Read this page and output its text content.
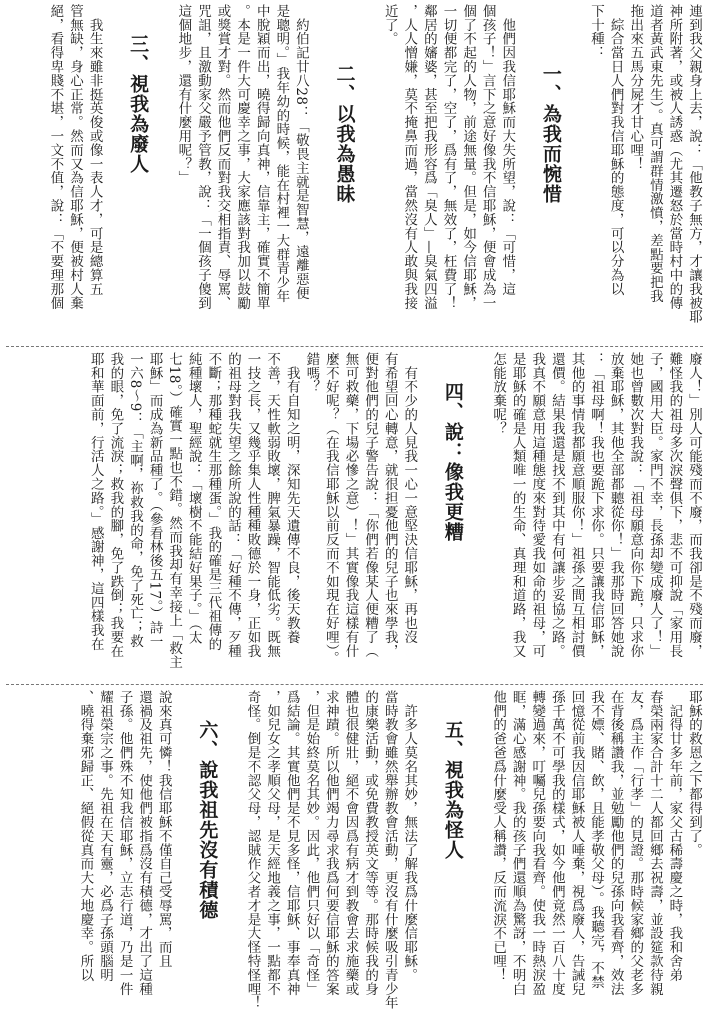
連到我父親身上去，說：「他教子無方，才讓我被耶
神所附著，或被人誘惑（尤其遷怒於當時村中的傳
道者黃武東先生）。真可謂群情激憤，差點要把我
拖出來五馬分屍才甘心哩！
　綜合當日人們對我信耶穌的態度，可以分為以
下十種：
一、為我而惋惜
　他們因我信耶穌而大失所望，說：「可惜，這
個孩子！」言下之意好像我不信耶穌，便會成為一
個了不起的人物，前途無量。但是，如今信耶穌，
一切便都完了，空了，爲有了，無效了，枉費了！
鄰居的嬸婆，甚至把我形容爲「臭人」—臭氣四溢
，人人憎嫌，莫不掩鼻而過，當然沒有人敢與我接
近了。
二、以我為愚昧
　約伯記廿八28：「敬畏主就是智慧，遠離惡便
是聰明。」我年幼的時候，能在村裡一大群青少年
中脫穎而出，曉得歸向真神，信靠主，確實不簡單
。本是一件大可慶幸之事，大家應該對我加以鼓勵
或獎賞才對。然而他們反而對我交相指責、辱罵、
咒詛，且激動家父嚴予管教，說：「一個孩子傻到
這個地步，還有什麼用呢？」
三、視我為廢人
　我生來雖非挺英俊或像一表人才，可是總算五
管無缺，身心正常。然而又為信耶穌，便被村人棄
絕，看得卑賤不堪，一文不值，說：「不要理那個
廢人！」別人可能殘而不廢，而我卻是不殘而廢，
難怪我的祖母多次淚聲俱下，悲不可抑說「家用長
子，國用大臣。家門不幸，長孫却變成廢人了！」
她也曾數次對我說：「祖母願意向你下跪，只求你
放棄耶穌，其他全部都聽從你！」我那時回答她說
：「祖母啊！我也要跪下求你。只要讓我信耶穌，
其他的事情我都願意順服你！」祖孫之間互相討價
還價。結果我還是找不到其中有何讓步妥協之路。
我真不願意用這種態度來對待愛我如命的祖母，可
是耶穌的確是人類唯一的生命、真理和道路，我又
怎能放棄呢？
四、說：像我更糟
　有不少的人見我一心一意堅決信耶穌，再也沒
有希望回心轉意，就很担憂他們的兒子也來學我，
便對他們的兒子警告說：「你們若像某人便糟了（
無可救藥，下場必慘之意）！」其實像我這樣有什
麼不好呢？（在我信耶穌以前反而不如現在好哩）。
錯嗎？
　我有自知之明，深知先天遺傳不良，後天教養
不善，天性軟弱敗壞，脾氣暴躁，智能低劣。既無
一技之長，又幾乎集人性種種敗德於一身，正如我
的祖母對我失望之餘所說的話：「好種不傳，歹種
不斷；那種蛇就生那種蛋。」我的確是三代祖傳的
純種壞人，聖經說：「壞樹不能結好果子。」（太
七18。）確實一點也不錯。然而我却有幸接上「救主
耶穌」而成為新品種了。（參看林後五17。）詩一
一六8～9：「主啊，祢救我的命，免了死亡；救
我的眼，免了流淚；救我的腳，免了跌倒；我要在
耶和華面前，行活人之路。」感謝神，這四樣我在
耶穌的救恩之下都得到了。
　記得廿多年前，家父古稀壽慶之時，我和舍弟
春榮兩家合計十二人都回鄉去祝壽，並設筵款待親
友，爲主作「行孝」的見證。那時候家鄉的父老多
在背後稱讚我，並勉勵他們的兒孫向我看齊，效法
我不嫖、賭、飲，且能孝敬父母）。我聽完，不禁
回憶從前我因信耶穌被人唾棄，視爲廢人，告誡兒
孫千萬不可學我的樣式，如今他們竟然一百八十度
轉變過來，叮囑兒孫要向我看齊。使我一時熱淚盈
眶，滿心感謝神。我的孩子們還順為驚訝，不明白
他們的爸爸爲什麼受人稱讚，反而流淚不已哩！
五、視我為怪人
　許多人莫名其妙，無法了解我爲什麼信耶穌。
當時教會雖然舉辦教會活動，更沒有什麼吸引青少年
的康樂活動，或免費教授英文等等。那時候我的身
體也很健壯，絕不會因爲有病才到教會去求施藥或
求神蹟。所以他們竭力尋求我爲何要信耶穌的答案
，但是始終莫名其妙。因此，他們只好以「奇怪」
爲結論。其實他們是不見多怪，信耶穌、事奉真神
，如兒女之孝順父母，是天經地義之事，一點都不
奇怪。倒是不認父母，認賊作父者才是大怪特怪哩！
六、說我祖先沒有積德
說來真可憐！我信耶穌不僅自己受辱罵，而且
還禍及祖先，使他們被指爲沒有積德，才出了這種
子孫。他們殊不知我信耶穌，立志行道，乃是一件
耀祖榮宗之事。先祖在天有靈，必爲子孫頭腦明
、曉得棄邪歸正、絕假從真而大大地慶幸。所以
